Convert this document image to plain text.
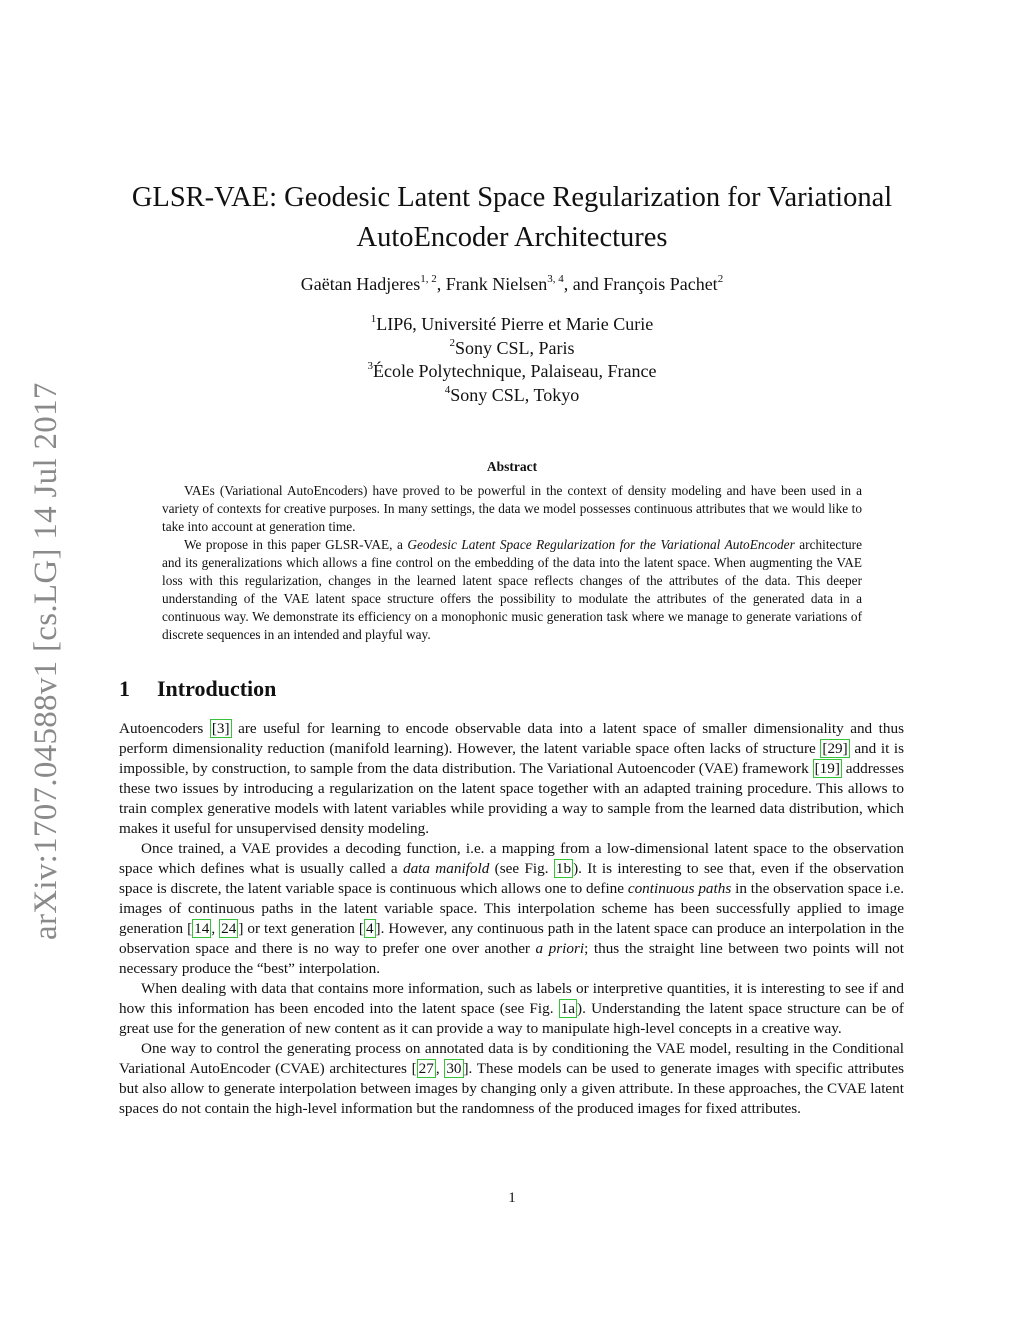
arXiv:1707.04588v1 [cs.LG] 14 Jul 2017
GLSR-VAE: Geodesic Latent Space Regularization for Variational
AutoEncoder Architectures
Gaëtan Hadjeres$^{1, 2}$, Frank Nielsen$^{3, 4}$, and François Pachet$^2$
$^1$LIP6, Université Pierre et Marie Curie
$^2$Sony CSL, Paris
$^3$École Polytechnique, Palaiseau, France
$^4$Sony CSL, Tokyo
Abstract

VAEs (Variational AutoEncoders) have proved to be powerful in the context of density modeling and have been used in a variety of contexts for creative purposes. In many settings, the data we model possesses continuous attributes that we would like to take into account at generation time.

We propose in this paper GLSR-VAE, a Geodesic Latent Space Regularization for the Variational AutoEncoder architecture and its generalizations which allows a fine control on the embedding of the data into the latent space. When augmenting the VAE loss with this regularization, changes in the learned latent space reflects changes of the attributes of the data. This deeper understanding of the VAE latent space structure offers the possibility to modulate the attributes of the generated data in a continuous way. We demonstrate its efficiency on a monophonic music generation task where we manage to generate variations of discrete sequences in an intended and playful way.

1 Introduction

Autoencoders [3] are useful for learning to encode observable data into a latent space of smaller dimensionality and thus perform dimensionality reduction (manifold learning). However, the latent variable space often lacks of structure [29] and it is impossible, by construction, to sample from the data distribution. The Variational Autoencoder (VAE) framework [19] addresses these two issues by introducing a regularization on the latent space together with an adapted training procedure. This allows to train complex generative models with latent variables while providing a way to sample from the learned data distribution, which makes it useful for unsupervised density modeling.

Once trained, a VAE provides a decoding function, i.e. a mapping from a low-dimensional latent space to the observation space which defines what is usually called a data manifold (see Fig. 1b ). It is interesting to see that, even if the observation space is discrete, the latent variable space is continuous which allows one to define continuous paths in the observation space i.e. images of continuous paths in the latent variable space. This interpolation scheme has been successfully applied to image generation [ 14 , 24 ] or text generation [ 4 ]. However, any continuous path in the latent space can produce an interpolation in the observation space and there is no way to prefer one over another a priori; thus the straight line between two points will not necessary produce the “best” interpolation.

When dealing with data that contains more information, such as labels or interpretive quantities, it is interesting to see if and how this information has been encoded into the latent space (see Fig. 1a ). Understanding the latent space structure can be of great use for the generation of new content as it can provide a way to manipulate high-level concepts in a creative way.

One way to control the generating process on annotated data is by conditioning the VAE model, resulting in the Conditional Variational AutoEncoder (CVAE) architectures [ 27 , 30 ]. These models can be used to generate images with specific attributes but also allow to generate interpolation between images by changing only a given attribute. In these approaches, the CVAE latent spaces do not contain the high-level information but the randomness of the produced images for fixed attributes.

1
